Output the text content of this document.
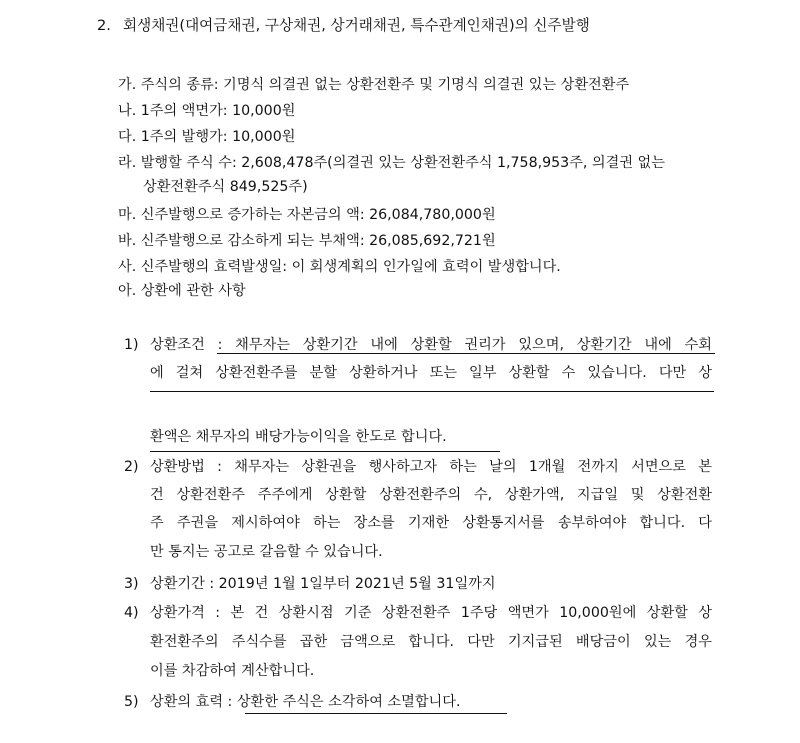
2. 회생채권(대여금채권, 구상채권, 상거래채권, 특수관계인채권)의 신주발행
가. 주식의 종류: 기명식 의결권 없는 상환전환주 및 기명식 의결권 있는 상환전환주
나. 1주의 액면가: 10,000원
다. 1주의 발행가: 10,000원
라. 발행할 주식 수: 2,608,478주(의결권 있는 상환전환주식 1,758,953주, 의결권 없는
상환전환주식 849,525주)
마. 신주발행으로 증가하는 자본금의 액: 26,084,780,000원
바. 신주발행으로 감소하게 되는 부채액: 26,085,692,721원
사. 신주발행의 효력발생일: 이 회생계획의 인가일에 효력이 발생합니다.
아. 상환에 관한 사항
1) 상환조건 : 채무자는 상환기간 내에 상환할 권리가 있으며, 상환기간 내에 수회
에 걸쳐 상환전환주를 분할 상환하거나 또는 일부 상환할 수 있습니다. 다만 상
환액은 채무자의 배당가능이익을 한도로 합니다.
2) 상환방법 : 채무자는 상환권을 행사하고자 하는 날의 1개월 전까지 서면으로 본
건 상환전환주 주주에게 상환할 상환전환주의 수, 상환가액, 지급일 및 상환전환
주 주권을 제시하여야 하는 장소를 기재한 상환통지서를 송부하여야 합니다. 다
만 통지는 공고로 갈음할 수 있습니다.
3) 상환기간 : 2019년 1월 1일부터 2021년 5월 31일까지
4) 상환가격 : 본 건 상환시점 기준 상환전환주 1주당 액면가 10,000원에 상환할 상
환전환주의 주식수를 곱한 금액으로 합니다. 다만 기지급된 배당금이 있는 경우
이를 차감하여 계산합니다.
5) 상환의 효력 : 상환한 주식은 소각하여 소멸합니다.
